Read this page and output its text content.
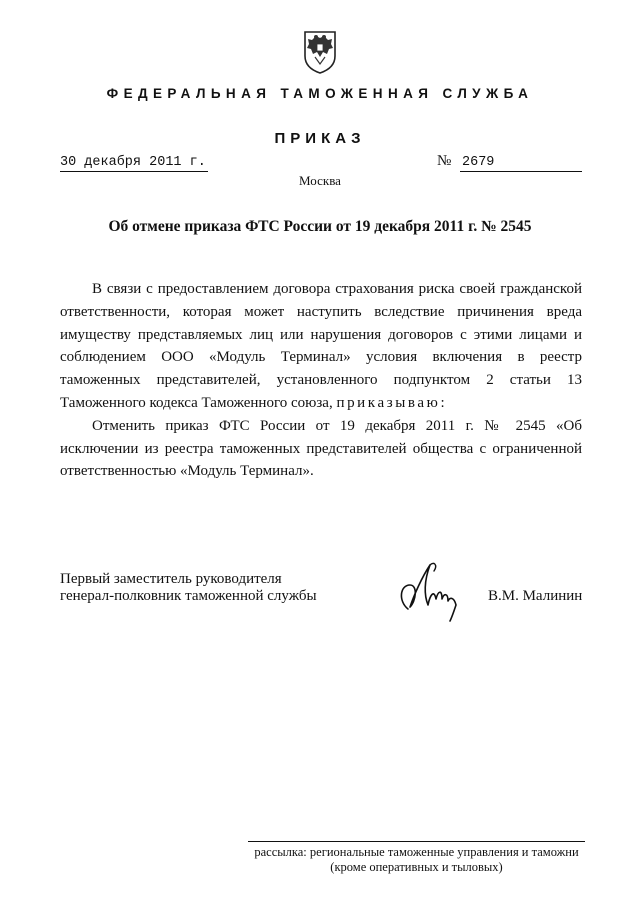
ФЕДЕРАЛЬНАЯ ТАМОЖЕННАЯ СЛУЖБА
ПРИКАЗ
30 декабря 2011 г.	№ 2679
Москва
Об отмене приказа ФТС России от 19 декабря 2011 г. № 2545

В связи с предоставлением договора страхования риска своей гражданской ответственности, которая может наступить вследствие причинения вреда имуществу представляемых лиц или нарушения договоров с этими лицами и соблюдением ООО «Модуль Терминал» условия включения в реестр таможенных представителей, установленного подпунктом 2 статьи 13 Таможенного кодекса Таможенного союза, приказываю:

Отменить приказ ФТС России от 19 декабря 2011 г. № 2545 «Об исключении из реестра таможенных представителей общества с ограниченной ответственностью «Модуль Терминал».

Первый заместитель руководителя
генерал-полковник таможенной службы	В.М. Малинин
рассылка: региональные таможенные управления и таможни
(кроме оперативных и тыловых)
